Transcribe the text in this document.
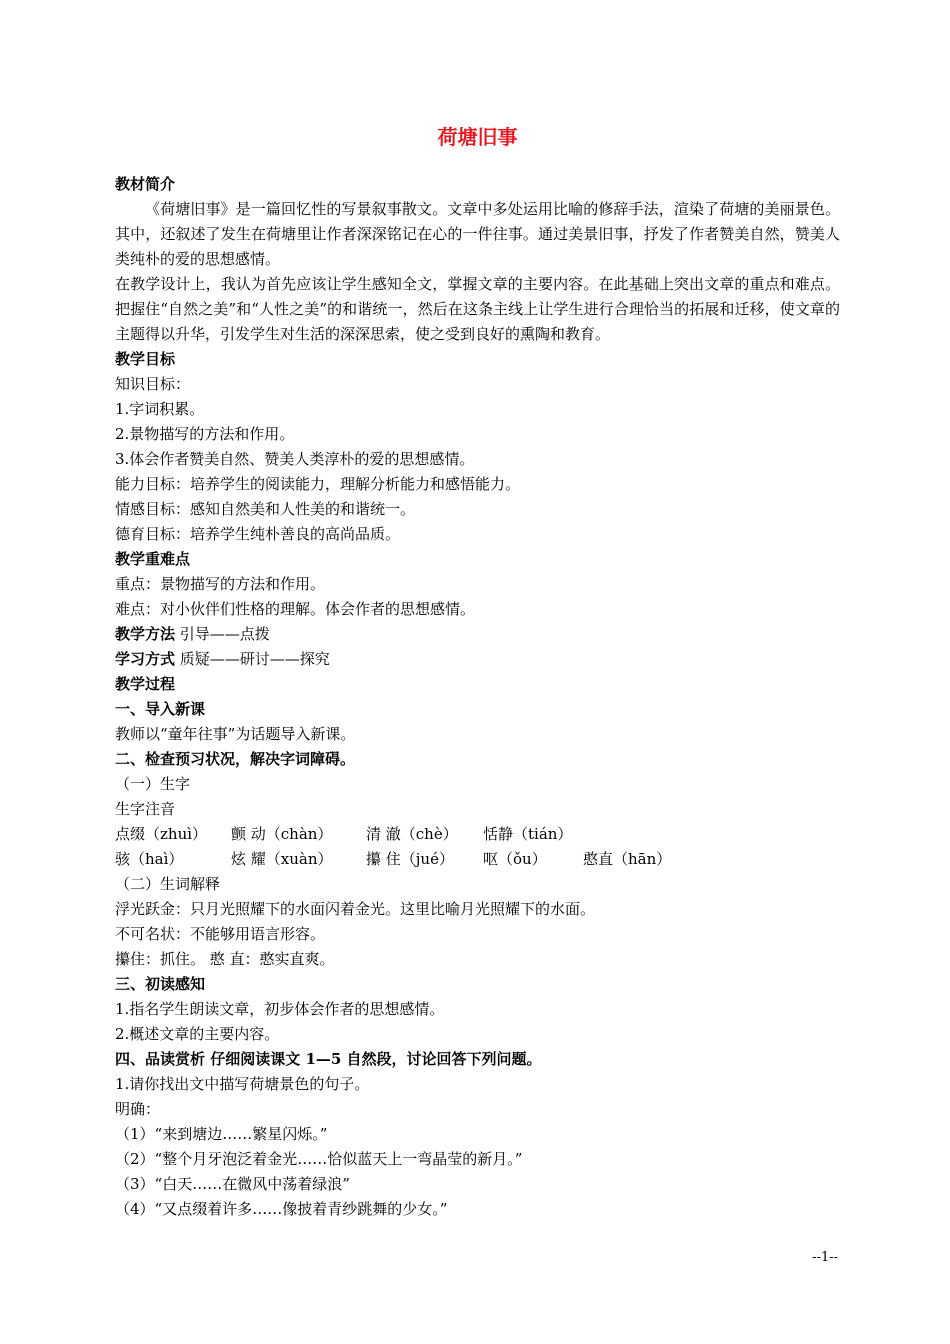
荷塘旧事
教材简介
《荷塘旧事》是一篇回忆性的写景叙事散文。文章中多处运用比喻的修辞手法，渲染了荷塘的美丽景色。其中，还叙述了发生在荷塘里让作者深深铭记在心的一件往事。通过美景旧事，抒发了作者赞美自然，赞美人类纯朴的爱的思想感情。
在教学设计上，我认为首先应该让学生感知全文，掌握文章的主要内容。在此基础上突出文章的重点和难点。把握住“自然之美”和“人性之美”的和谐统一，然后在这条主线上让学生进行合理恰当的拓展和迁移，使文章的主题得以升华，引发学生对生活的深深思索，使之受到良好的熏陶和教育。
教学目标
知识目标：
1.字词积累。
2.景物描写的方法和作用。
3.体会作者赞美自然、赞美人类淳朴的爱的思想感情。
能力目标：培养学生的阅读能力，理解分析能力和感悟能力。
情感目标：感知自然美和人性美的和谐统一。
德育目标：培养学生纯朴善良的高尚品质。
教学重难点
重点：景物描写的方法和作用。
难点：对小伙伴们性格的理解。体会作者的思想感情。
教学方法 引导——点拨
学习方式 质疑——研讨——探究
教学过程
一、导入新课
教师以“童年往事”为话题导入新课。
二、检查预习状况，解决字词障碍。
（一）生字
生字注音
点缀（zhuì） 颤 动（chàn） 清 澈（chè） 恬静（tián）
骇（haì）	炫 耀（xuàn） 攥 住（jué） 呕（ǒu） 憨直（hān）
（二）生词解释
浮光跃金：只月光照耀下的水面闪着金光。这里比喻月光照耀下的水面。
不可名状：不能够用语言形容。
攥住：抓住。 憨 直：憨实直爽。
三、初读感知
1.指名学生朗读文章，初步体会作者的思想感情。
2.概述文章的主要内容。
四、品读赏析 仔细阅读课文 1—5 自然段，讨论回答下列问题。
1.请你找出文中描写荷塘景色的句子。
明确：
（1）“来到塘边……繁星闪烁。”
（2）“整个月牙泡泛着金光……恰似蓝天上一弯晶莹的新月。”
（3）“白天……在微风中荡着绿浪”
（4）“又点缀着许多……像披着青纱跳舞的少女。”
--1--
